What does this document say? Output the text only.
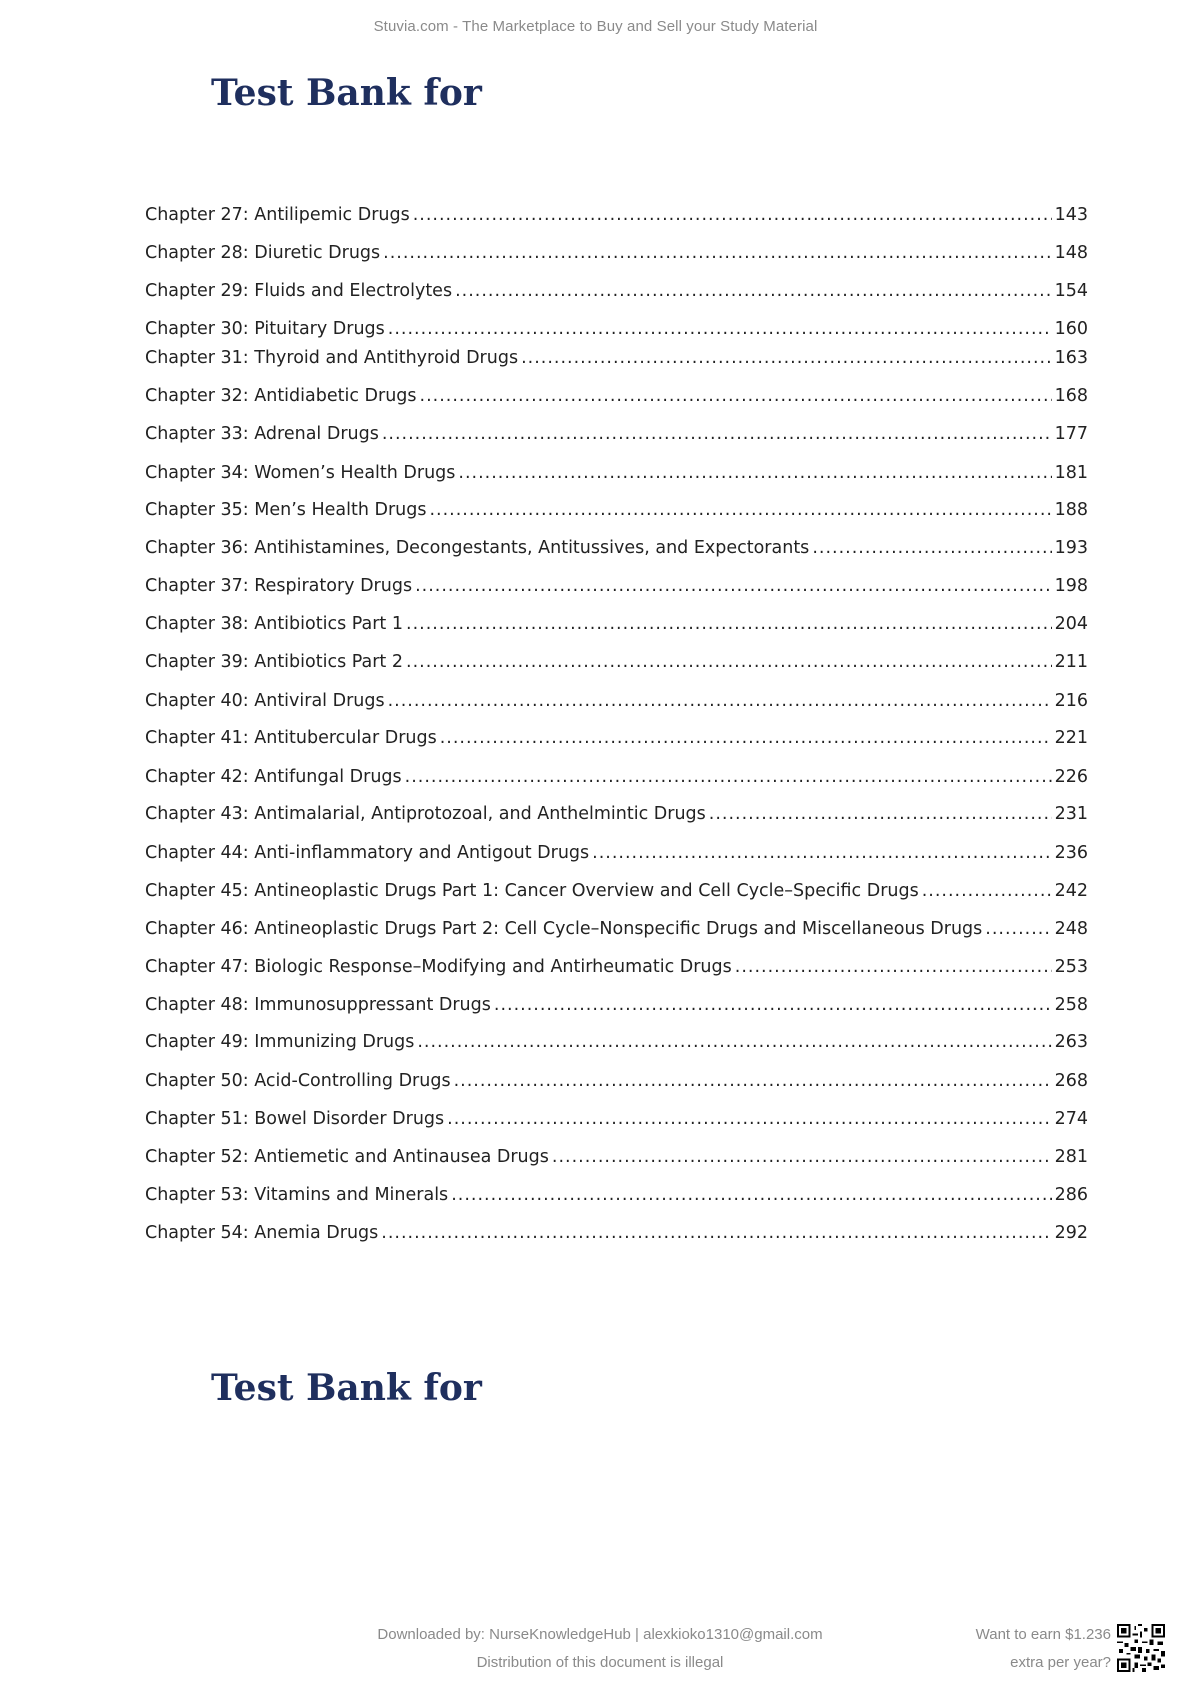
Stuvia.com - The Marketplace to Buy and Sell your Study Material
Test Bank for
Chapter 27: Antilipemic Drugs .....	143
Chapter 28: Diuretic Drugs .....	148
Chapter 29: Fluids and Electrolytes .....	154
Chapter 30: Pituitary Drugs .....	160
Chapter 31: Thyroid and Antithyroid Drugs .....	163
Chapter 32: Antidiabetic Drugs .....	168
Chapter 33: Adrenal Drugs .....	177
Chapter 34: Women’s Health Drugs .....	181
Chapter 35: Men’s Health Drugs .....	188
Chapter 36: Antihistamines, Decongestants, Antitussives, and Expectorants .....	193
Chapter 37: Respiratory Drugs .....	198
Chapter 38: Antibiotics Part 1 .....	204
Chapter 39: Antibiotics Part 2 .....	211
Chapter 40: Antiviral Drugs .....	216
Chapter 41: Antitubercular Drugs .....	221
Chapter 42: Antifungal Drugs .....	226
Chapter 43: Antimalarial, Antiprotozoal, and Anthelmintic Drugs .....	231
Chapter 44: Anti-inflammatory and Antigout Drugs .....	236
Chapter 45: Antineoplastic Drugs Part 1: Cancer Overview and Cell Cycle–Specific Drugs .....	242
Chapter 46: Antineoplastic Drugs Part 2: Cell Cycle–Nonspecific Drugs and Miscellaneous Drugs .....	248
Chapter 47: Biologic Response–Modifying and Antirheumatic Drugs .....	253
Chapter 48: Immunosuppressant Drugs .....	258
Chapter 49: Immunizing Drugs .....	263
Chapter 50: Acid-Controlling Drugs .....	268
Chapter 51: Bowel Disorder Drugs .....	274
Chapter 52: Antiemetic and Antinausea Drugs .....	281
Chapter 53: Vitamins and Minerals .....	286
Chapter 54: Anemia Drugs .....	292
Test Bank for
Downloaded by: NurseKnowledgeHub | alexkioko1310@gmail.com
Distribution of this document is illegal
Want to earn $1.236
extra per year?
